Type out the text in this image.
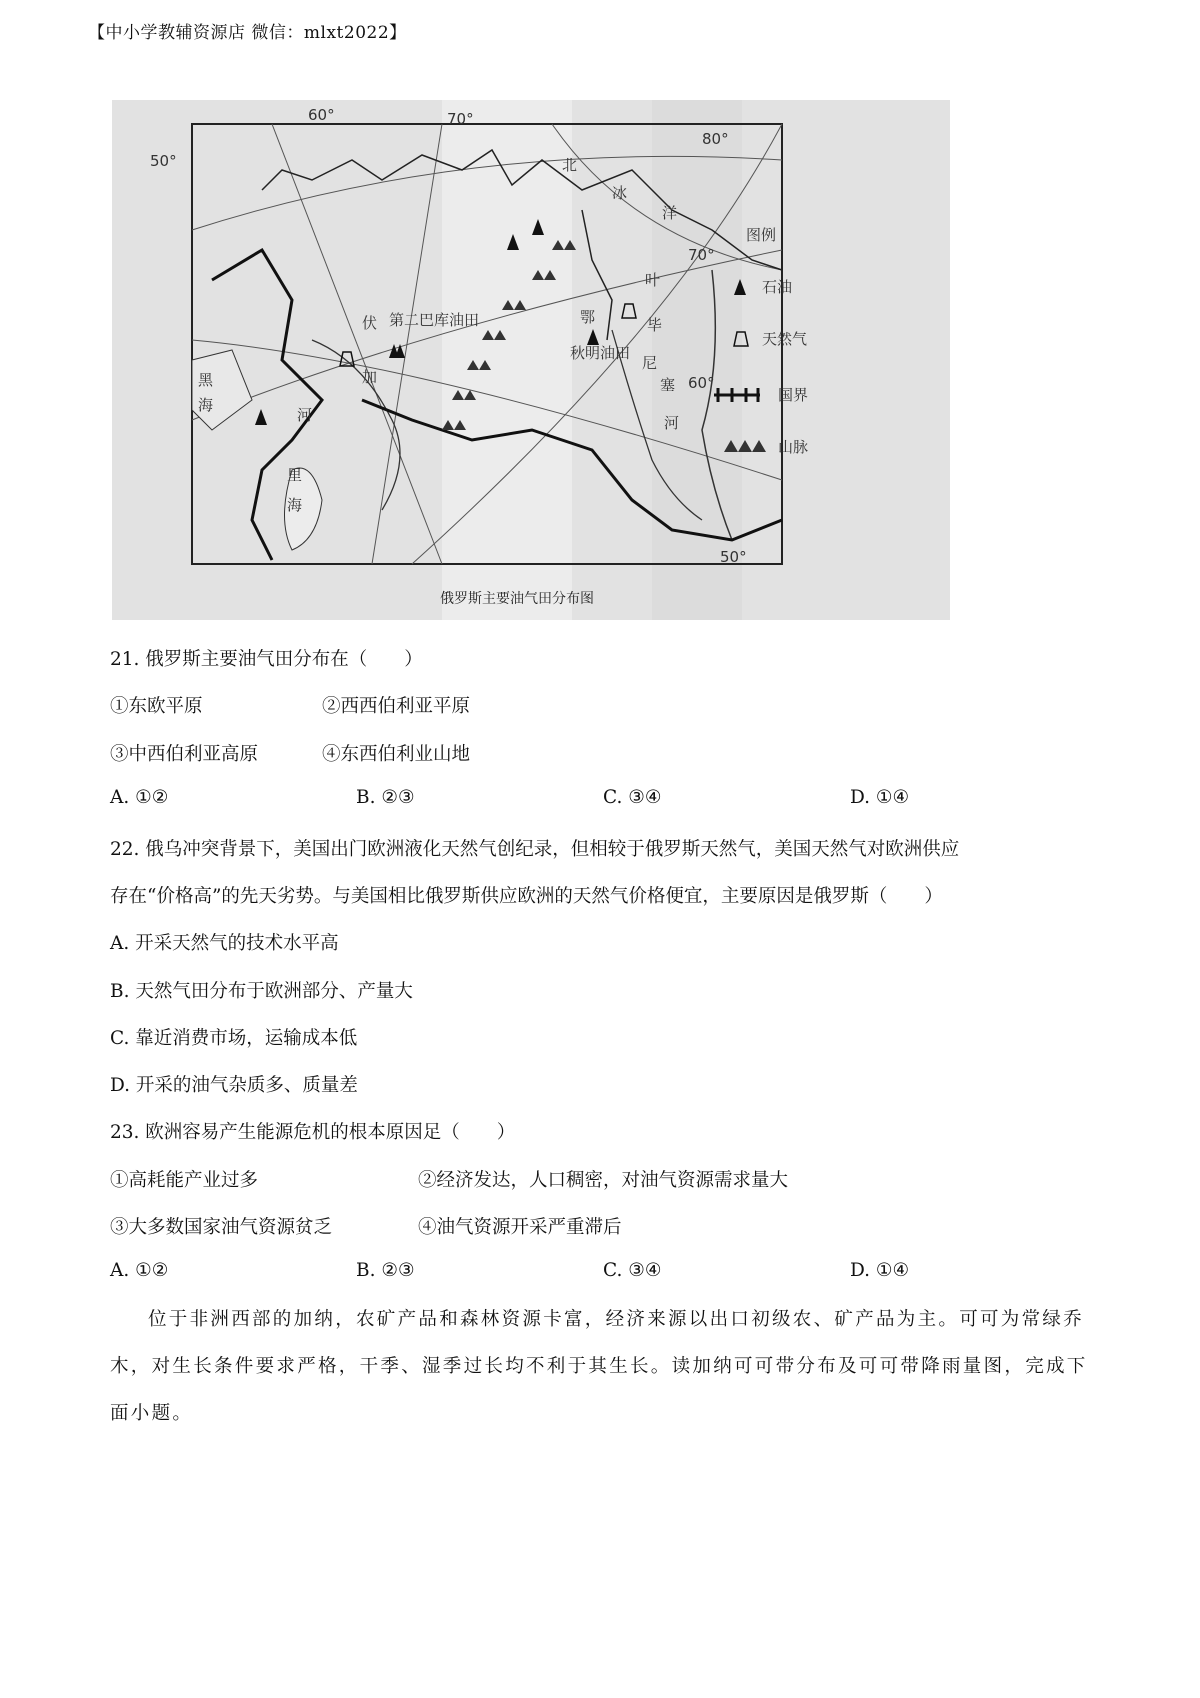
【中小学教辅资源店 微信：mlxt2022】
50°
60°	70°
80°
70°
60°
50°
北
冰
洋
伏
加
河
鄂	毕
叶
尼
塞
河
第二巴库油田
秋明油田
黑
海
里
海
图例
石油
天然气
国界
山脉
俄罗斯主要油气田分布图
21. 俄罗斯主要油气田分布在（　　）
①东欧平原	②西西伯利亚平原
③中西伯利亚高原	④东西伯利业山地
A. ①②	B. ②③	C. ③④	D. ①④
22. 俄乌冲突背景下，美国出门欧洲液化天然气创纪录，但相较于俄罗斯天然气，美国天然气对欧洲供应
存在“价格高”的先天劣势。与美国相比俄罗斯供应欧洲的天然气价格便宜，主要原因是俄罗斯（　　）
A. 开采天然气的技术水平高
B. 天然气田分布于欧洲部分、产量大
C. 靠近消费市场，运输成本低
D. 开采的油气杂质多、质量差
23. 欧洲容易产生能源危机的根本原因足（　　）
①高耗能产业过多	②经济发达，人口稠密，对油气资源需求量大
③大多数国家油气资源贫乏	④油气资源开采严重滞后
A. ①②	B. ②③	C. ③④	D. ①④
位于非洲西部的加纳，农矿产品和森林资源卡富，经济来源以出口初级农、矿产品为主。可可为常绿乔木，对生长条件要求严格，干季、湿季过长均不利于其生长。读加纳可可带分布及可可带降雨量图，完成下面小题。
